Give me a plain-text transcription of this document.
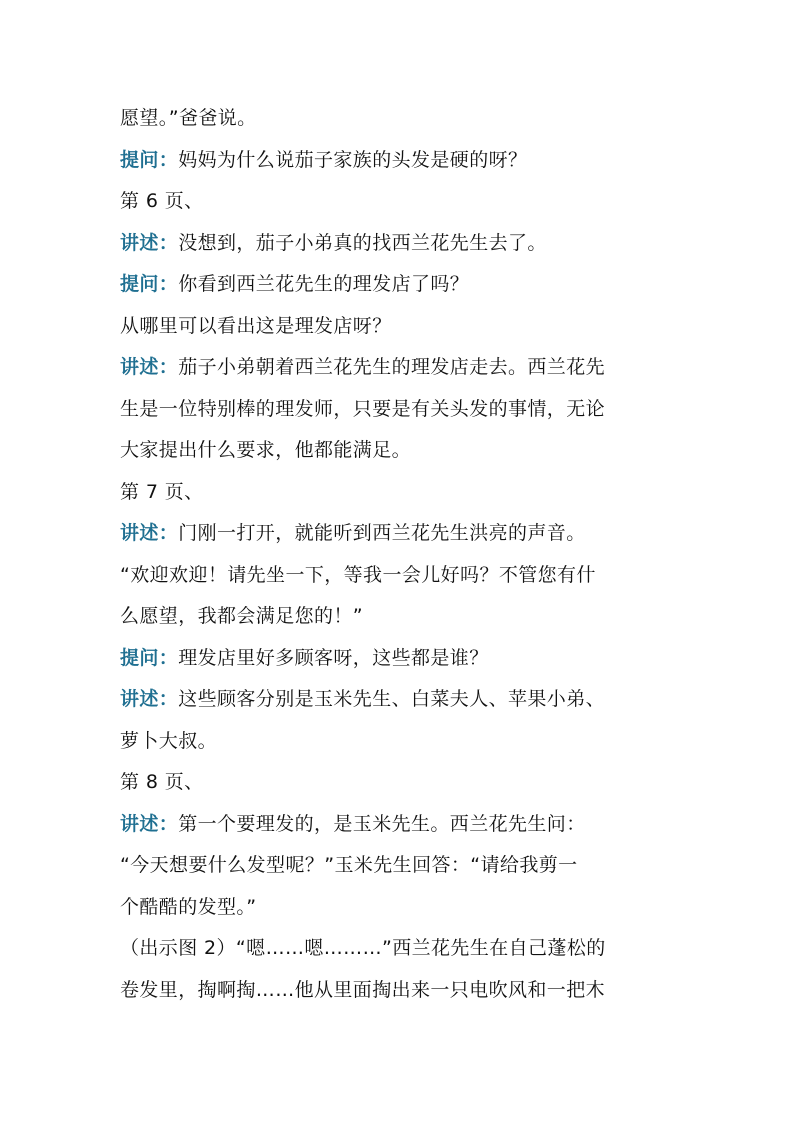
愿望。”爸爸说。
提问：妈妈为什么说茄子家族的头发是硬的呀？
第 6 页、
讲述：没想到，茄子小弟真的找西兰花先生去了。
提问：你看到西兰花先生的理发店了吗？
从哪里可以看出这是理发店呀？
讲述：茄子小弟朝着西兰花先生的理发店走去。西兰花先
生是一位特别棒的理发师，只要是有关头发的事情，无论
大家提出什么要求，他都能满足。
第 7 页、
讲述：门刚一打开，就能听到西兰花先生洪亮的声音。
“欢迎欢迎！请先坐一下，等我一会儿好吗？不管您有什
么愿望，我都会满足您的！”
提问：理发店里好多顾客呀，这些都是谁？
讲述：这些顾客分别是玉米先生、白菜夫人、苹果小弟、
萝卜大叔。
第 8 页、
讲述：第一个要理发的，是玉米先生。西兰花先生问：
“今天想要什么发型呢？”玉米先生回答：“请给我剪一
个酷酷的发型。”
（出示图 2）“嗯……嗯………”西兰花先生在自己蓬松的
卷发里，掏啊掏……他从里面掏出来一只电吹风和一把木
